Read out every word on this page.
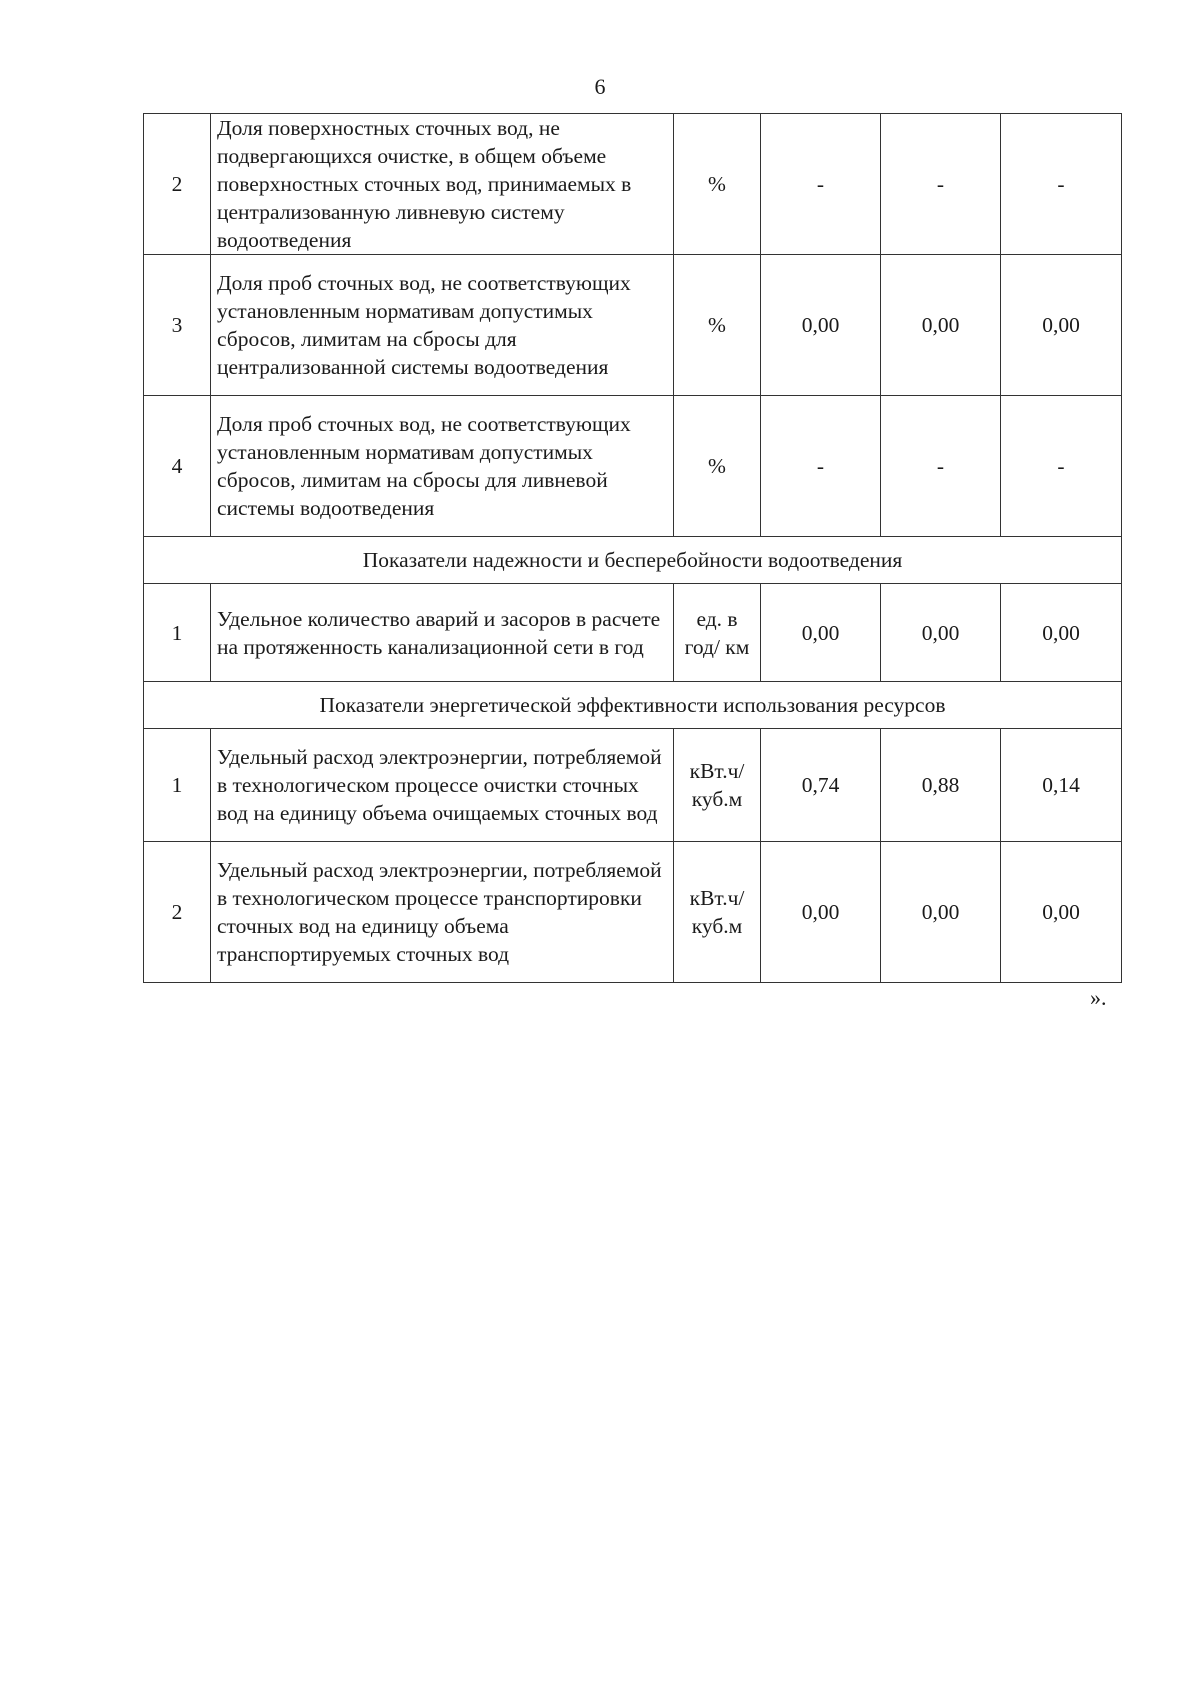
6
2	Доля поверхностных сточных вод, не подвергающихся очистке, в общем объеме поверхностных сточных вод, принимаемых в централизованную ливневую систему водоотведения	%	-	-	-
3	Доля проб сточных вод, не соответствующих установленным нормативам допустимых сбросов, лимитам на сбросы для централизованной системы водоотведения	%	0,00	0,00	0,00
4	Доля проб сточных вод, не соответствующих установленным нормативам допустимых сбросов, лимитам на сбросы для ливневой системы водоотведения	%	-	-	-
Показатели надежности и бесперебойности водоотведения					
1	Удельное количество аварий и засоров в расчете на протяженность канализационной сети в год	ед. в год/ км	0,00	0,00	0,00
Показатели энергетической эффективности использования ресурсов					
1	Удельный расход электроэнергии, потребляемой в технологическом процессе очистки сточных вод на единицу объема очищаемых сточных вод	кВт.ч/ куб.м	0,74	0,88	0,14
2	Удельный расход электроэнергии, потребляемой в технологическом процессе транспортировки сточных вод на единицу объема транспортируемых сточных вод	кВт.ч/ куб.м	0,00	0,00	0,00
».
